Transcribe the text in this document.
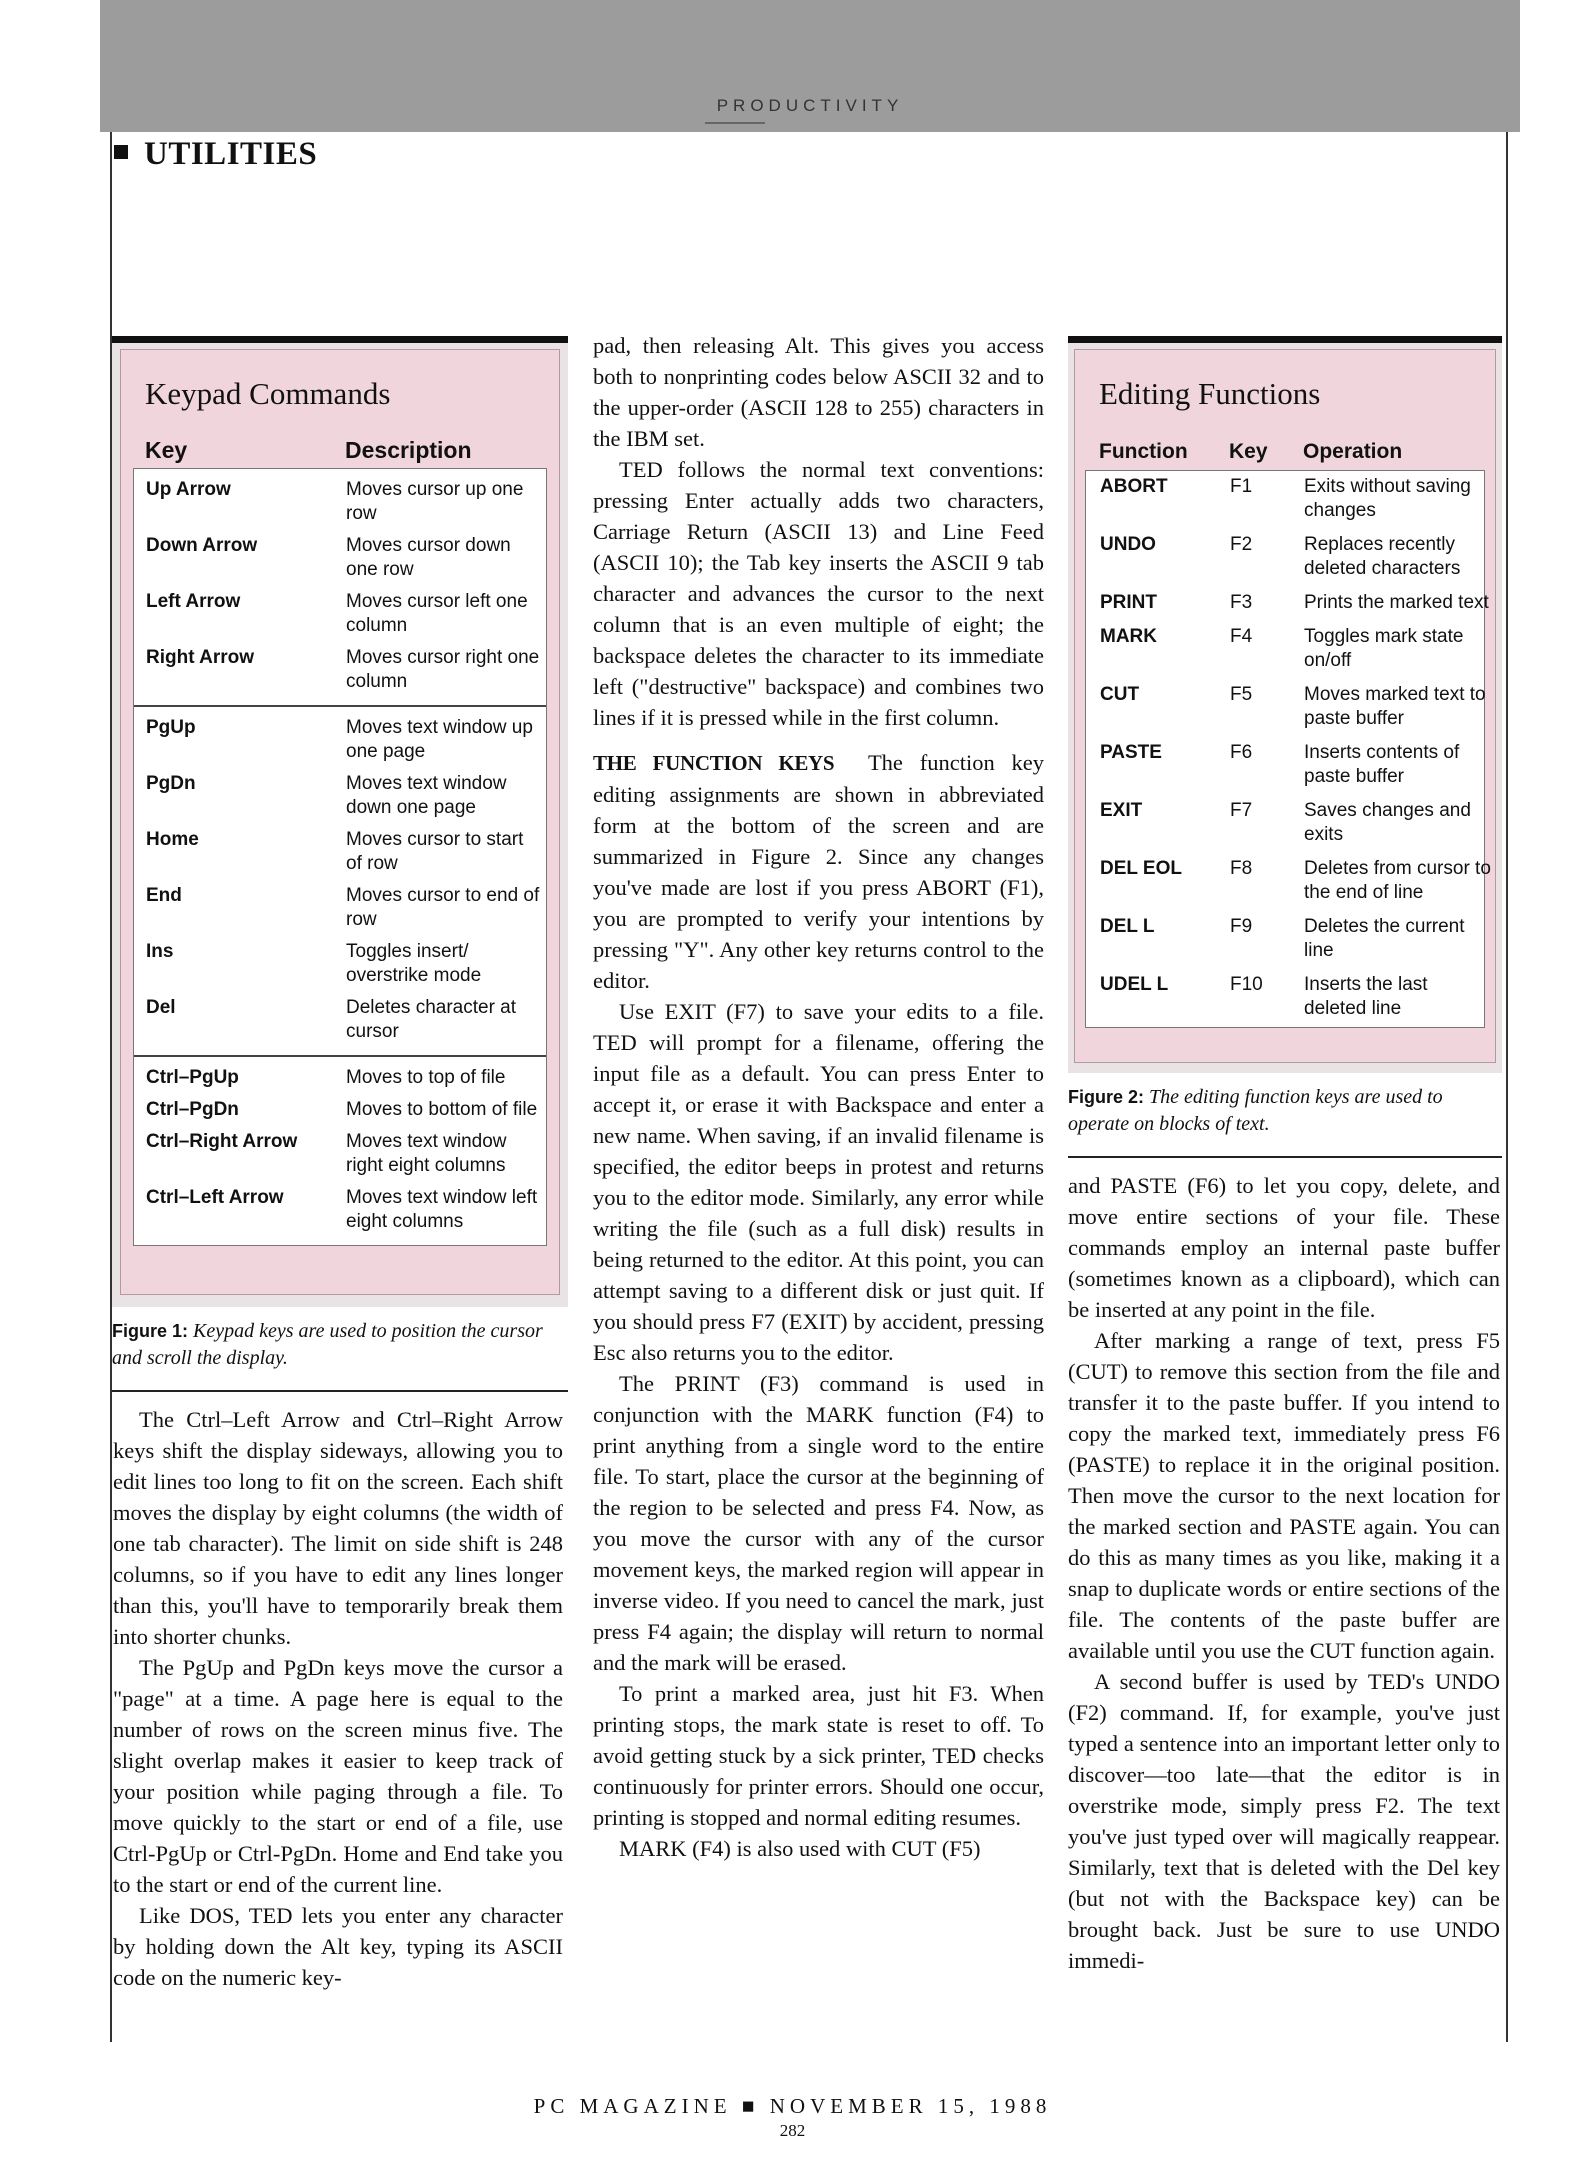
PRODUCTIVITY
UTILITIES
Keypad Commands
Key	Description
Up Arrow	Moves cursor up one row
Down Arrow	Moves cursor down one row
Left Arrow	Moves cursor left one column
Right Arrow	Moves cursor right one column
PgUp	Moves text window up one page
PgDn	Moves text window down one page
Home	Moves cursor to start of row
End	Moves cursor to end of row
Ins	Toggles insert/ overstrike mode
Del	Deletes character at cursor
Ctrl–PgUp	Moves to top of file
Ctrl–PgDn	Moves to bottom of file
Ctrl–Right Arrow	Moves text window right eight columns
Ctrl–Left Arrow	Moves text window left eight columns
Figure 1: Keypad keys are used to position the cursor and scroll the display.

The Ctrl–Left Arrow and Ctrl–Right Arrow keys shift the display sideways, allowing you to edit lines too long to fit on the screen. Each shift moves the display by eight columns (the width of one tab character). The limit on side shift is 248 columns, so if you have to edit any lines longer than this, you'll have to temporarily break them into shorter chunks.

The PgUp and PgDn keys move the cursor a "page" at a time. A page here is equal to the number of rows on the screen minus five. The slight overlap makes it easier to keep track of your position while paging through a file. To move quickly to the start or end of a file, use Ctrl-PgUp or Ctrl-PgDn. Home and End take you to the start or end of the current line.

Like DOS, TED lets you enter any character by holding down the Alt key, typing its ASCII code on the numeric key-

pad, then releasing Alt. This gives you access both to nonprinting codes below ASCII 32 and to the upper-order (ASCII 128 to 255) characters in the IBM set.

TED follows the normal text conventions: pressing Enter actually adds two characters, Carriage Return (ASCII 13) and Line Feed (ASCII 10); the Tab key inserts the ASCII 9 tab character and advances the cursor to the next column that is an even multiple of eight; the backspace deletes the character to its immediate left ("destructive" backspace) and combines two lines if it is pressed while in the first column.

THE FUNCTION KEYS The function key editing assignments are shown in abbreviated form at the bottom of the screen and are summarized in Figure 2. Since any changes you've made are lost if you press ABORT (F1), you are prompted to verify your intentions by pressing "Y". Any other key returns control to the editor.

Use EXIT (F7) to save your edits to a file. TED will prompt for a filename, offering the input file as a default. You can press Enter to accept it, or erase it with Backspace and enter a new name. When saving, if an invalid filename is specified, the editor beeps in protest and returns you to the editor mode. Similarly, any error while writing the file (such as a full disk) results in being returned to the editor. At this point, you can attempt saving to a different disk or just quit. If you should press F7 (EXIT) by accident, pressing Esc also returns you to the editor.

The PRINT (F3) command is used in conjunction with the MARK function (F4) to print anything from a single word to the entire file. To start, place the cursor at the beginning of the region to be selected and press F4. Now, as you move the cursor with any of the cursor movement keys, the marked region will appear in inverse video. If you need to cancel the mark, just press F4 again; the display will return to normal and the mark will be erased.

To print a marked area, just hit F3. When printing stops, the mark state is reset to off. To avoid getting stuck by a sick printer, TED checks continuously for printer errors. Should one occur, printing is stopped and normal editing resumes.

MARK (F4) is also used with CUT (F5)

Editing Functions
Function	Key	Operation
ABORT	F1	Exits without saving changes
UNDO	F2	Replaces recently deleted characters
PRINT	F3	Prints the marked text
MARK	F4	Toggles mark state on/off
CUT	F5	Moves marked text to paste buffer
PASTE	F6	Inserts contents of paste buffer
EXIT	F7	Saves changes and exits
DEL EOL	F8	Deletes from cursor to the end of line
DEL L	F9	Deletes the current line
UDEL L	F10	Inserts the last deleted line
Figure 2: The editing function keys are used to operate on blocks of text.

and PASTE (F6) to let you copy, delete, and move entire sections of your file. These commands employ an internal paste buffer (sometimes known as a clipboard), which can be inserted at any point in the file.

After marking a range of text, press F5 (CUT) to remove this section from the file and transfer it to the paste buffer. If you intend to copy the marked text, immediately press F6 (PASTE) to replace it in the original position. Then move the cursor to the next location for the marked section and PASTE again. You can do this as many times as you like, making it a snap to duplicate words or entire sections of the file. The contents of the paste buffer are available until you use the CUT function again.

A second buffer is used by TED's UNDO (F2) command. If, for example, you've just typed a sentence into an important letter only to discover—too late—that the editor is in overstrike mode, simply press F2. The text you've just typed over will magically reappear. Similarly, text that is deleted with the Del key (but not with the Backspace key) can be brought back. Just be sure to use UNDO immedi-

PC MAGAZINE ■ NOVEMBER 15, 1988
282
